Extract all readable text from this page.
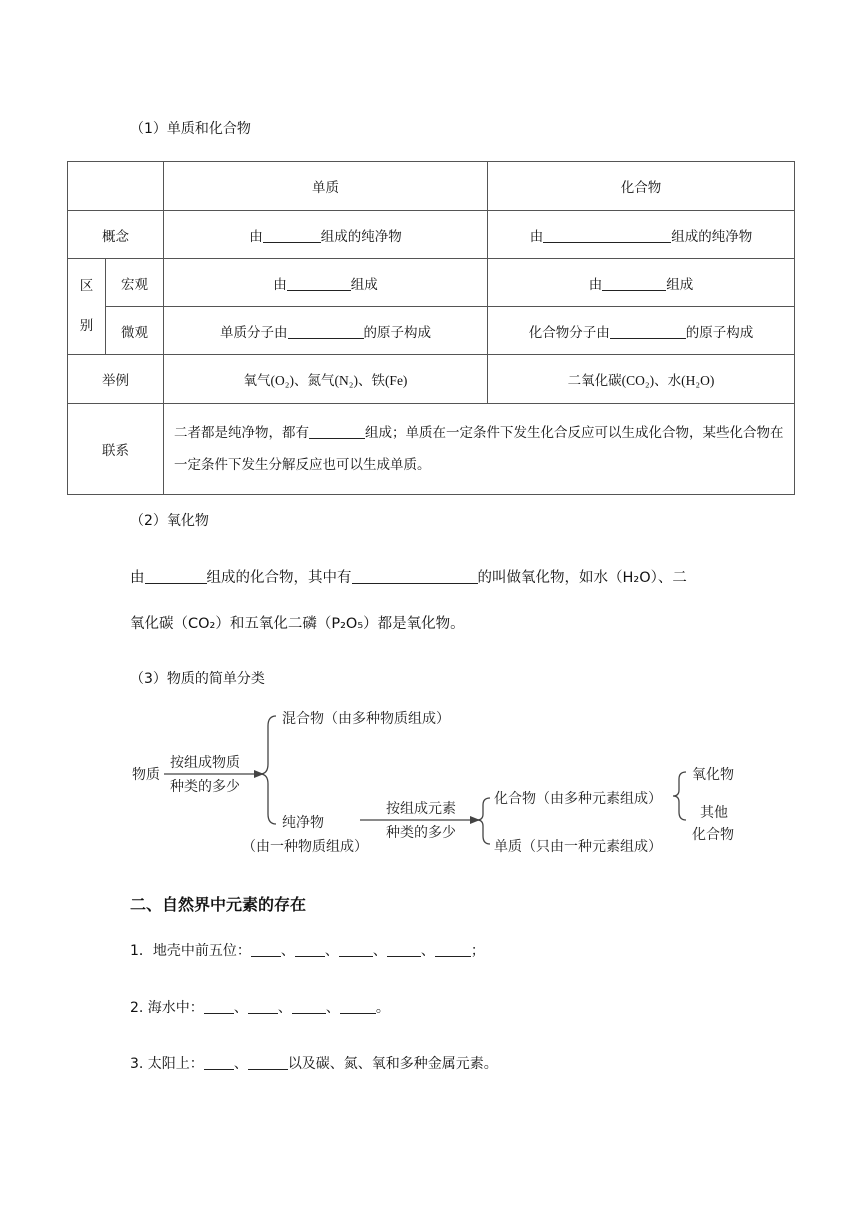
（1）单质和化合物
		单质	化合物
概念		由 组成的纯净物	由 组成的纯净物
区
别	宏观	由 组成	由 组成
	微观	单质分子由 的原子构成	化合物分子由 的原子构成
举例		氧气(O₂)、氮气(N₂)、铁(Fe)	二氧化碳(CO₂)、水(H₂O)
联系		二者都是纯净物，都有 组成；单质在一定条件下发生化合反应可以生成化合物，某些化合物在一定条件下发生分解反应也可以生成单质。	
（2）氧化物
由	组成的化合物，其中有	的叫做氧化物，如水（H₂O）、二
氧化碳（CO₂）和五氧化二磷（P₂O₅）都是氧化物。
（3）物质的简单分类
物质
按组成物质
种类的多少
混合物（由多种物质组成）
纯净物
（由一种物质组成）
按组成元素
种类的多少
化合物（由多种元素组成）
单质（只由一种元素组成）
氧化物
其他
化合物
二、自然界中元素的存在
1．地壳中前五位： 、 、 、 、	；
2. 海水中： 、 、 、	。
3. 太阳上： 、	以及碳、氮、氧和多种金属元素。
